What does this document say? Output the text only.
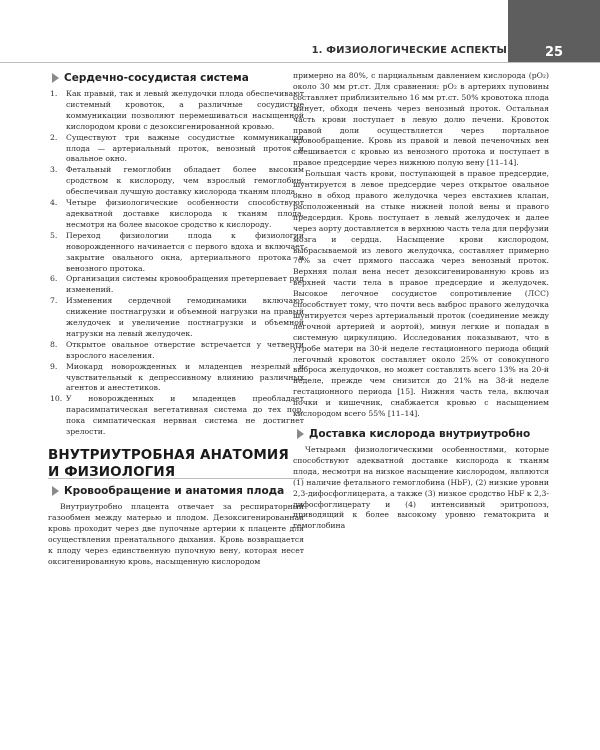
1. ФИЗИОЛОГИЧЕСКИЕ АСПЕКТЫ	25
Сердечно-сосудистая система
1. Как правый, так и левый желудочки плода обеспечивают системный кровоток, а различные сосудистые коммуникации позволяют перемешиваться насыщенной кислородом крови с дезоксигенированной кровью.
2. Существуют три важные сосудистые коммуникации плода — артериальный проток, венозный проток и овальное окно.
3. Фетальный гемоглобин обладает более высоким сродством к кислороду, чем взрослый гемоглобин, обеспечивая лучшую доставку кислорода тканям плода.
4. Четыре физиологические особенности способствуют адекватной доставке кислорода к тканям плода, несмотря на более высокое сродство к кислороду.
5. Переход физиологии плода к физиологии новорожденного начинается с первого вдоха и включает закрытие овального окна, артериального протока и венозного протока.
6. Организация системы кровообращения претерпевает ряд изменений.
7. Изменения сердечной гемодинамики включают снижение постнагрузки и объемной нагрузки на правый желудочек и увеличение постнагрузки и объемной нагрузки на левый желудочек.
8. Открытое овальное отверстие встречается у четверти взрослого населения.
9. Миокард новорожденных и младенцев незрелый и чувствительный к депрессивному влиянию различных агентов и анестетиков.
10. У новорожденных и младенцев преобладает парасимпатическая вегетативная система до тех пор, пока симпатическая нервная система не достигнет зрелости.
ВНУТРИУТРОБНАЯ АНАТОМИЯ
И ФИЗИОЛОГИЯ
Кровообращение и анатомия плода

Внутриутробно плацента отвечает за респираторный газообмен между матерью и плодом. Дезоксигенированная кровь проходит через две пупочные артерии к плаценте для осуществления пренатального дыхания. Кровь возвращается к плоду через единственную пупочную вену, которая несет оксигенированную кровь, насыщенную кислородом

примерно на 80%, с парциальным давлением кислорода (pO₂) около 30 мм рт.ст. Для сравнения: pO₂ в артериях пуповины составляет приблизительно 16 мм рт.ст. 50% кровотока плода минует, обходя печень через венозный проток. Остальная часть крови поступает в левую долю печени. Кровоток правой доли осуществляется через портальное кровообращение. Кровь из правой и левой печеночных вен смешивается с кровью из венозного протока и поступает в правое предсердие через нижнюю полую вену [11–14].

Большая часть крови, поступающей в правое предсердие, шунтируется в левое предсердие через открытое овальное окно в обход правого желудочка через евстахиев клапан, расположенный на стыке нижней полой вены и правого предсердия. Кровь поступает в левый желудочек и далее через аорту доставляется в верхнюю часть тела для перфузии мозга и сердца. Насыщение крови кислородом, выбрасываемой из левого желудочка, составляет примерно 70% за счет прямого пассажа через венозный проток. Верхняя полая вена несет дезоксигенированную кровь из верхней части тела в правое предсердие и желудочек. Высокое легочное сосудистое сопротивление (ЛСС) способствует тому, что почти весь выброс правого желудочка шунтируется через артериальный проток (соединение между легочной артерией и аортой), минуя легкие и попадая в системную циркуляцию. Исследования показывают, что в утробе матери на 30-й неделе гестационного периода общий легочный кровоток составляет около 25% от совокупного выброса желудочков, но может составлять всего 13% на 20-й неделе, прежде чем снизится до 21% на 38-й неделе гестационного периода [15]. Нижняя часть тела, включая почки и кишечник, снабжается кровью с насыщением кислородом всего 55% [11–14].

Доставка кислорода внутриутробно

Четырьмя физиологическими особенностями, которые способствуют адекватной доставке кислорода к тканям плода, несмотря на низкое насыщение кислородом, являются (1) наличие фетального гемоглобина (HbF), (2) низкие уровни 2,3-дифосфоглицерата, а также (3) низкое сродство HbF к 2,3-дифосфоглицерату и (4) интенсивный эритропоэз, приводящий к более высокому уровню гематокрита и гемоглобина
